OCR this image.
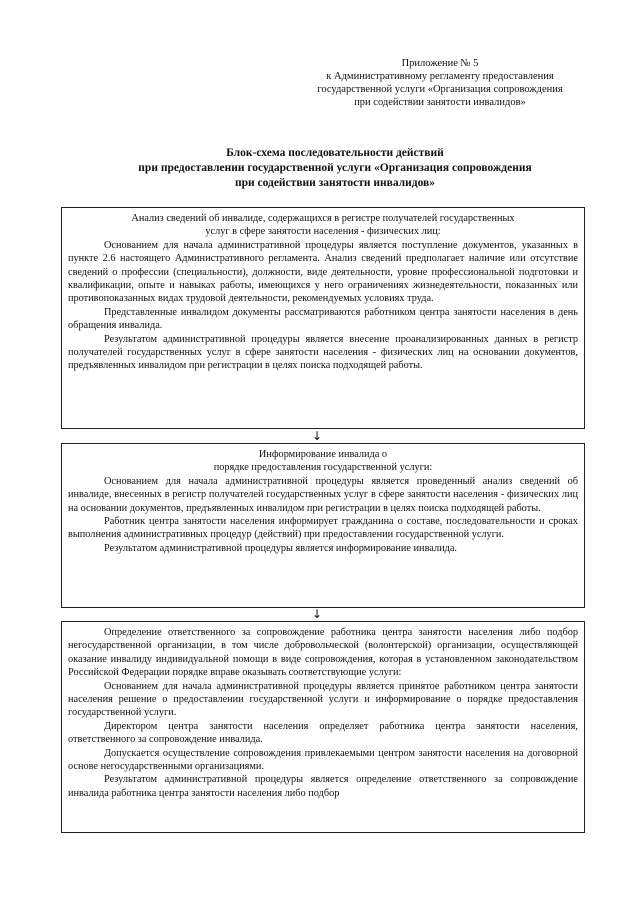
Приложение № 5
к Административному регламенту предоставления
государственной услуги «Организация сопровождения
при содействии занятости инвалидов»
Блок-схема последовательности действий
при предоставлении государственной услуги «Организация сопровождения
при содействии занятости инвалидов»

Анализ сведений об инвалиде, содержащихся в регистре получателей государственных

услуг в сфере занятости населения - физических лиц:

Основанием для начала административной процедуры является поступление документов, указанных в пункте 2.6 настоящего Административного регламента. Анализ сведений предполагает наличие или отсутствие сведений о профессии (специальности), должности, виде деятельности, уровне профессиональной подготовки и квалификации, опыте и навыках работы, имеющихся у него ограничениях жизнедеятельности, показанных или противопоказанных видах трудовой деятельности, рекомендуемых условиях труда.

Представленные инвалидом документы рассматриваются работником центра занятости населения в день обращения инвалида.

Результатом административной процедуры является внесение проанализированных данных в регистр получателей государственных услуг в сфере занятости населения - физических лиц на основании документов, предъявленных инвалидом при регистрации в целях поиска подходящей работы.

↓

Информирование инвалида о

порядке предоставления государственной услуги:

Основанием для начала административной процедуры является проведенный анализ сведений об инвалиде, внесенных в регистр получателей государственных услуг в сфере занятости населения - физических лиц на основании документов, предъявленных инвалидом при регистрации в целях поиска подходящей работы.

Работник центра занятости населения информирует гражданина о составе, последовательности и сроках выполнения административных процедур (действий) при предоставлении государственной услуги.

Результатом административной процедуры является информирование инвалида.

↓

Определение ответственного за сопровождение работника центра занятости населения либо подбор негосударственной организации, в том числе добровольческой (волонтерской) организации, осуществляющей оказание инвалиду индивидуальной помощи в виде сопровождения, которая в установленном законодательством Российской Федерации порядке вправе оказывать соответствующие услуги:

Основанием для начала административной процедуры является принятое работником центра занятости населения решение о предоставлении государственной услуги и информирование о порядке предоставления государственной услуги.

Директором центра занятости населения определяет работника центра занятости населения, ответственного за сопровождение инвалида.

Допускается осуществление сопровождения привлекаемыми центром занятости населения на договорной основе негосударственными организациями.

Результатом административной процедуры является определение ответственного за сопровождение инвалида работника центра занятости населения либо подбор
